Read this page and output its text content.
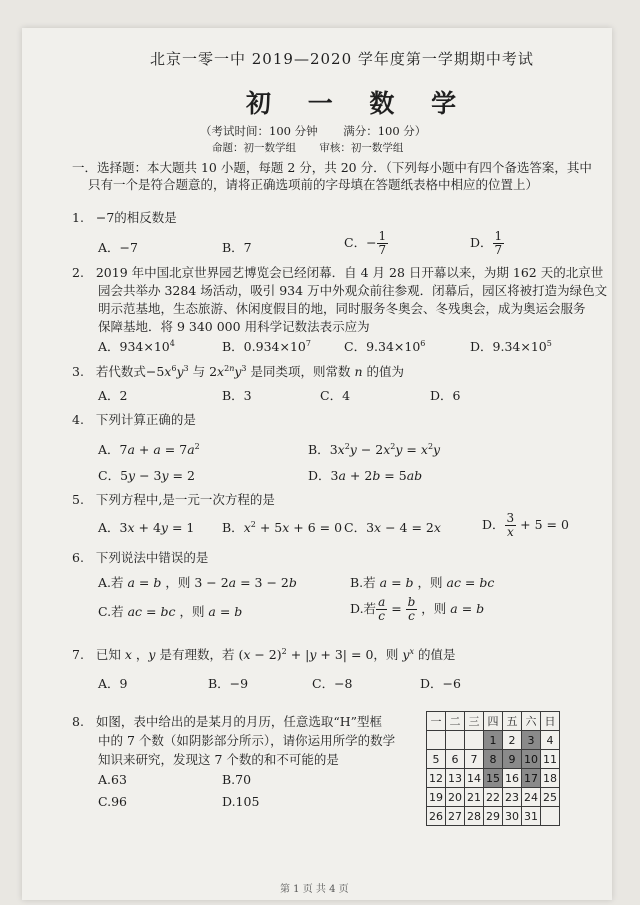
北京一零一中 2019—2020 学年度第一学期期中考试
初 一 数 学
（考试时间：100 分钟 满分：100 分）
命题：初一数学组 审核：初一数学组
一．选择题：本大题共 10 小题，每题 2 分，共 20 分．（下列每小题中有四个备选答案，其中
只有一个是符合题意的，请将正确选项前的字母填在答题纸表格中相应的位置上）
1. −7的相反数是
A．−7	B．7	C．− $\frac{1}{7}$	D． $\frac{1}{7}$
2. 2019 年中国北京世界园艺博览会已经闭幕．自 4 月 28 日开幕以来，为期 162 天的北京世
园会共举办 3284 场活动，吸引 934 万中外观众前往参观．闭幕后，园区将被打造为绿色文
明示范基地，生态旅游、休闲度假目的地，同时服务冬奥会、冬残奥会，成为奥运会服务
保障基地．将 9 340 000 用科学记数法表示应为
A．$934\times 10^4$	B．$0.934\times 10^7$	C．$9.34\times 10^6$	D．$9.34\times 10^5$
3. 若代数式$-5x^6y^3$ 与 $2x^{2n}y^3$ 是同类项，则常数 n 的值为
A．2	B．3	C．4	D．6
4. 下列计算正确的是
A．$7a + a = 7a^2$	B．$3x^2y - 2x^2y = x^2y$
C．5y − 3y = 2	D．3a + 2b = 5ab
5. 下列方程中,是一元一次方程的是
A．3x + 4y = 1 B．$x^2 + 5x + 6 = 0$ C．3x − 4 = 2x	D． $\frac{3}{x} + 5 = 0$
6. 下列说法中错误的是
A.若 a = b ，则 3 − 2a = 3 − 2b	B.若 a = b ，则 ac = bc
C.若 ac = bc ，则 a = b	D.若 $\frac{a}{c} = \frac{b}{c}$ ，则 a = b
7. 已知 x ，y 是有理数，若 $(x - 2)^2 + |y + 3| = 0$，则 $y^x$ 的值是
A．9	B．−9	C．−8	D．−6
8. 如图，表中给出的是某月的月历，任意选取“H”型框
中的 7 个数（如阴影部分所示），请你运用所学的数学
知识来研究，发现这 7 个数的和不可能的是
A.63	B.70
C.96	D.105
一	二	三	四	五	六	日
			1	2	3	4
5	6	7	8	9	10	11
12	13	14	15	16	17	18
19	20	21	22	23	24	25
26	27	28	29	30	31	
第 1 页 共 4 页
